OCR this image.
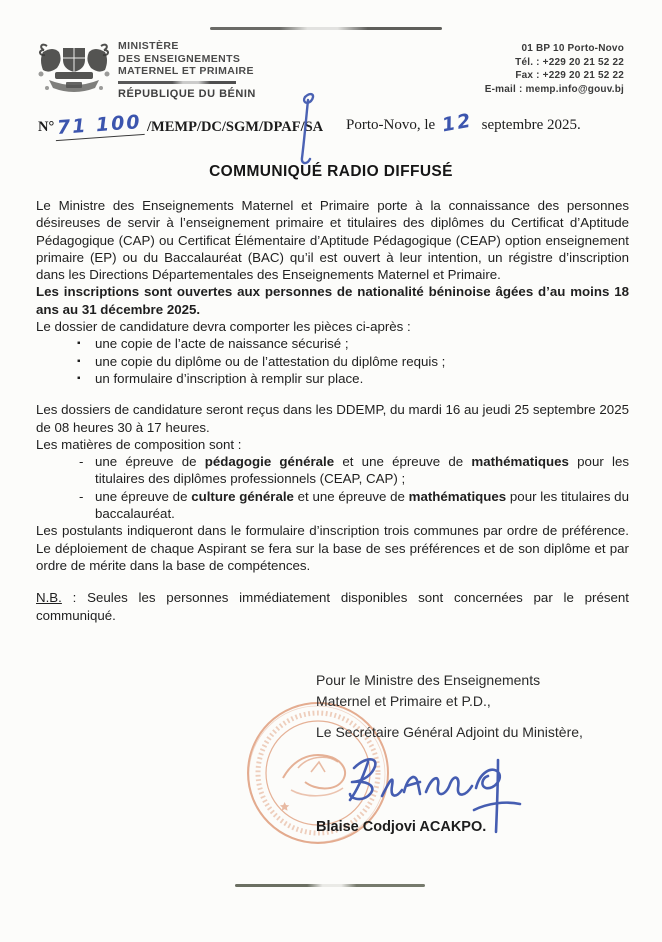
MINISTÈRE
DES ENSEIGNEMENTS
MATERNEL ET PRIMAIRE
RÉPUBLIQUE DU BÉNIN
01 BP 10 Porto-Novo
Tél. : +229 20 21 52 22
Fax : +229 20 21 52 22
E-mail : memp.info@gouv.bj
N° 71 100 /MEMP/DC/SGM/DPAF/SA Porto-Novo, le 12 septembre 2025.
COMMUNIQUÉ RADIO DIFFUSÉ

Le Ministre des Enseignements Maternel et Primaire porte à la connaissance des personnes désireuses de servir à l’enseignement primaire et titulaires des diplômes du Certificat d’Aptitude Pédagogique (CAP) ou Certificat Élémentaire d’Aptitude Pédagogique (CEAP) option enseignement primaire (EP) ou du Baccalauréat (BAC) qu’il est ouvert à leur intention, un régistre d’inscription dans les Directions Départementales des Enseignements Maternel et Primaire.

Les inscriptions sont ouvertes aux personnes de nationalité béninoise âgées d’au moins 18 ans au 31 décembre 2025.

Le dossier de candidature devra comporter les pièces ci-après :

▪ une copie de l’acte de naissance sécurisé ;
▪ une copie du diplôme ou de l’attestation du diplôme requis ;
▪ un formulaire d’inscription à remplir sur place.

Les dossiers de candidature seront reçus dans les DDEMP, du mardi 16 au jeudi 25 septembre 2025 de 08 heures 30 à 17 heures.

Les matières de composition sont :

- une épreuve de pédagogie générale et une épreuve de mathématiques pour les titulaires des diplômes professionnels (CEAP, CAP) ;
- une épreuve de culture générale et une épreuve de mathématiques pour les titulaires du baccalauréat.

Les postulants indiqueront dans le formulaire d’inscription trois communes par ordre de préférence. Le déploiement de chaque Aspirant se fera sur la base de ses préférences et de son diplôme et par ordre de mérite dans la base de compétences.

N.B. : Seules les personnes immédiatement disponibles sont concernées par le présent communiqué.

Pour le Ministre des Enseignements
Maternel et Primaire et P.D.,
Le Secrétaire Général Adjoint du Ministère,
Blaise Codjovi ACAKPO.
